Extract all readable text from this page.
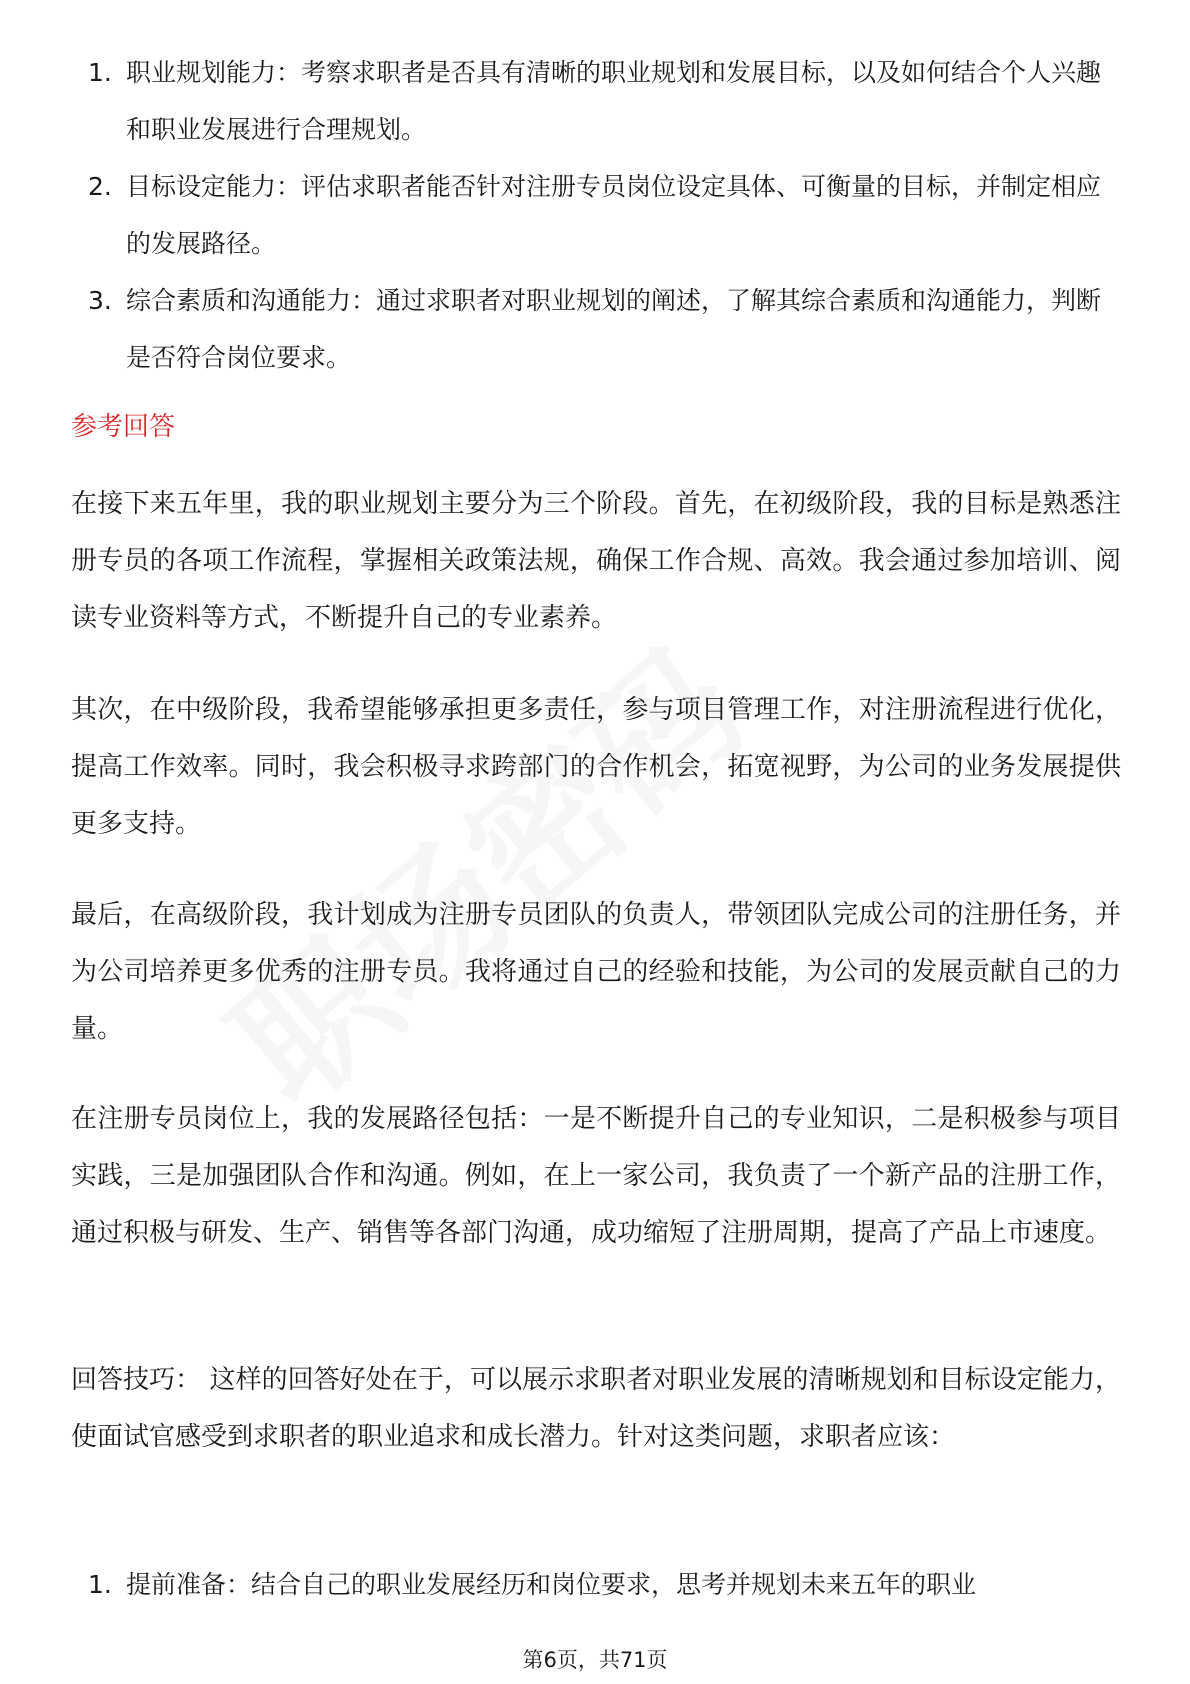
1. 职业规划能力：考察求职者是否具有清晰的职业规划和发展目标，以及如何结合个人兴趣和职业发展进行合理规划。
2. 目标设定能力：评估求职者能否针对注册专员岗位设定具体、可衡量的目标，并制定相应的发展路径。
3. 综合素质和沟通能力：通过求职者对职业规划的阐述，了解其综合素质和沟通能力，判断是否符合岗位要求。
参考回答

在接下来五年里，我的职业规划主要分为三个阶段。首先，在初级阶段，我的目标是熟悉注册专员的各项工作流程，掌握相关政策法规，确保工作合规、高效。我会通过参加培训、阅读专业资料等方式，不断提升自己的专业素养。

其次，在中级阶段，我希望能够承担更多责任，参与项目管理工作，对注册流程进行优化，提高工作效率。同时，我会积极寻求跨部门的合作机会，拓宽视野，为公司的业务发展提供更多支持。

最后，在高级阶段，我计划成为注册专员团队的负责人，带领团队完成公司的注册任务，并为公司培养更多优秀的注册专员。我将通过自己的经验和技能，为公司的发展贡献自己的力量。

在注册专员岗位上，我的发展路径包括：一是不断提升自己的专业知识，二是积极参与项目实践，三是加强团队合作和沟通。例如，在上一家公司，我负责了一个新产品的注册工作，通过积极与研发、生产、销售等各部门沟通，成功缩短了注册周期，提高了产品上市速度。

回答技巧： 这样的回答好处在于，可以展示求职者对职业发展的清晰规划和目标设定能力，使面试官感受到求职者的职业追求和成长潜力。针对这类问题，求职者应该：

1. 提前准备：结合自己的职业发展经历和岗位要求，思考并规划未来五年的职业
第6页，共71页
